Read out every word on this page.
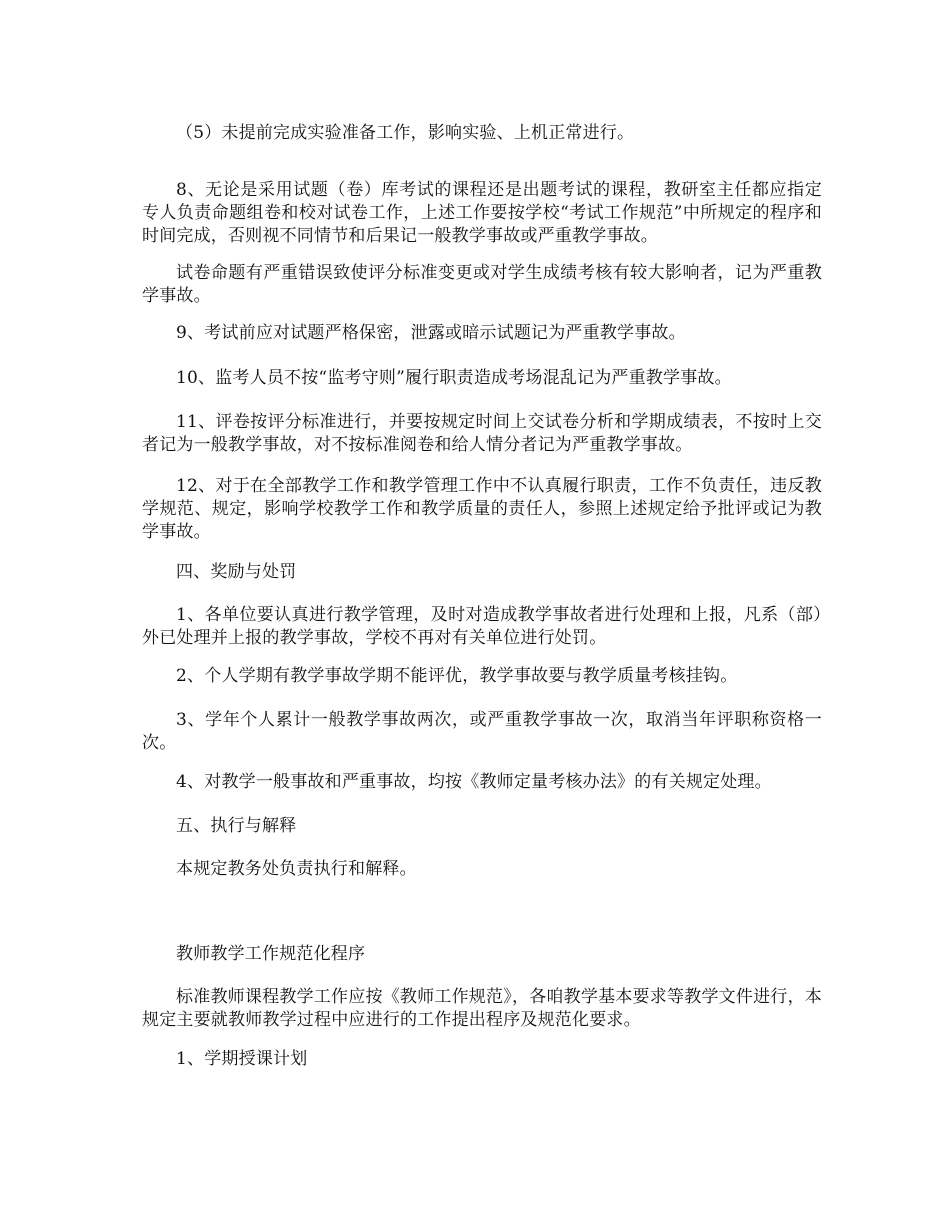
（5）未提前完成实验准备工作，影响实验、上机正常进行。

8、无论是采用试题（卷）库考试的课程还是出题考试的课程，教研室主任都应指定专人负责命题组卷和校对试卷工作，上述工作要按学校“考试工作规范”中所规定的程序和时间完成，否则视不同情节和后果记一般教学事故或严重教学事故。

试卷命题有严重错误致使评分标准变更或对学生成绩考核有较大影响者，记为严重教学事故。

9、考试前应对试题严格保密，泄露或暗示试题记为严重教学事故。

10、监考人员不按“监考守则”履行职责造成考场混乱记为严重教学事故。

11、评卷按评分标准进行，并要按规定时间上交试卷分析和学期成绩表，不按时上交者记为一般教学事故，对不按标准阅卷和给人情分者记为严重教学事故。

12、对于在全部教学工作和教学管理工作中不认真履行职责，工作不负责任，违反教学规范、规定，影响学校教学工作和教学质量的责任人，参照上述规定给予批评或记为教学事故。

四、奖励与处罚

1、各单位要认真进行教学管理，及时对造成教学事故者进行处理和上报，凡系（部）外已处理并上报的教学事故，学校不再对有关单位进行处罚。

2、个人学期有教学事故学期不能评优，教学事故要与教学质量考核挂钩。

3、学年个人累计一般教学事故两次，或严重教学事故一次，取消当年评职称资格一次。

4、对教学一般事故和严重事故，均按《教师定量考核办法》的有关规定处理。

五、执行与解释

本规定教务处负责执行和解释。

教师教学工作规范化程序

标准教师课程教学工作应按《教师工作规范》，各咱教学基本要求等教学文件进行，本规定主要就教师教学过程中应进行的工作提出程序及规范化要求。

1、学期授课计划
